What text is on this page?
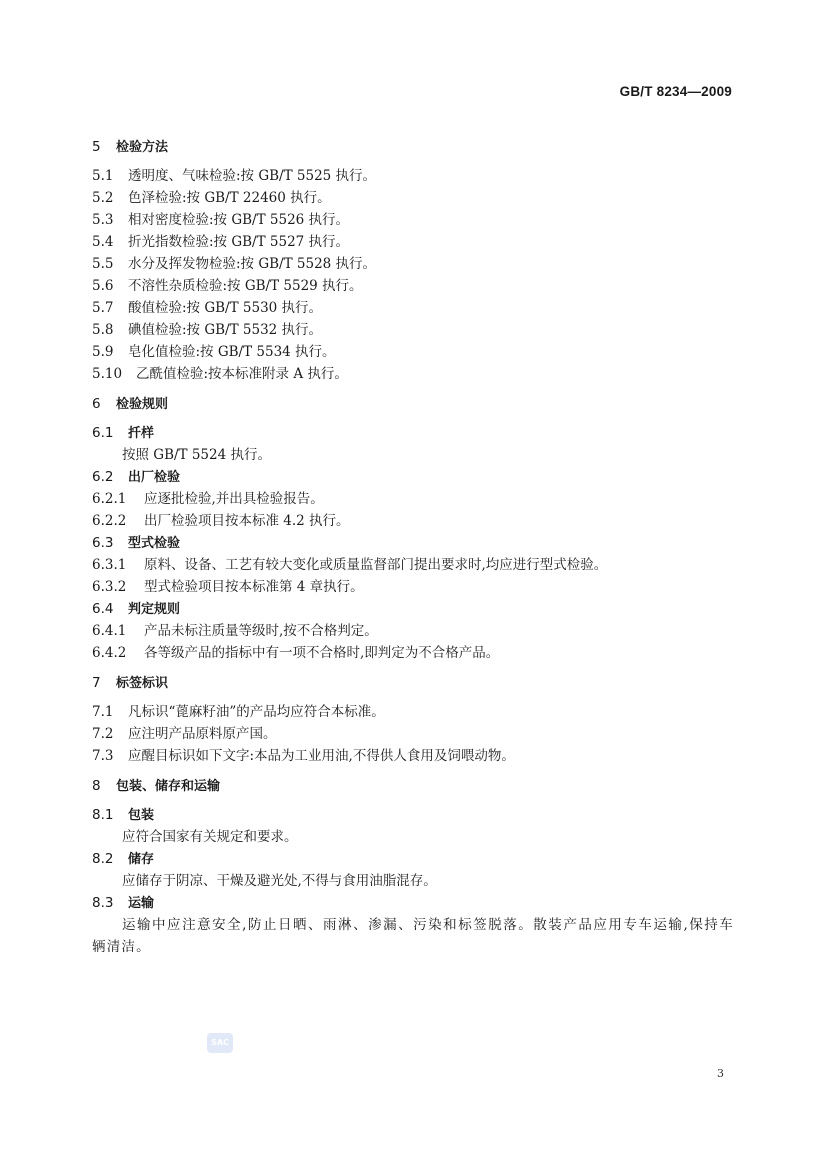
GB/T 8234—2009
5 检验方法
5.1 透明度、气味检验:按 GB/T 5525 执行。
5.2 色泽检验:按 GB/T 22460 执行。
5.3 相对密度检验:按 GB/T 5526 执行。
5.4 折光指数检验:按 GB/T 5527 执行。
5.5 水分及挥发物检验:按 GB/T 5528 执行。
5.6 不溶性杂质检验:按 GB/T 5529 执行。
5.7 酸值检验:按 GB/T 5530 执行。
5.8 碘值检验:按 GB/T 5532 执行。
5.9 皂化值检验:按 GB/T 5534 执行。
5.10 乙酰值检验:按本标准附录 A 执行。
6 检验规则
6.1 扦样
按照 GB/T 5524 执行。
6.2 出厂检验
6.2.1 应逐批检验,并出具检验报告。
6.2.2 出厂检验项目按本标准 4.2 执行。
6.3 型式检验
6.3.1 原料、设备、工艺有较大变化或质量监督部门提出要求时,均应进行型式检验。
6.3.2 型式检验项目按本标准第 4 章执行。
6.4 判定规则
6.4.1 产品未标注质量等级时,按不合格判定。
6.4.2 各等级产品的指标中有一项不合格时,即判定为不合格产品。
7 标签标识
7.1 凡标识“蓖麻籽油”的产品均应符合本标准。
7.2 应注明产品原料原产国。
7.3 应醒目标识如下文字:本品为工业用油,不得供人食用及饲喂动物。
8 包装、储存和运输
8.1 包装
应符合国家有关规定和要求。
8.2 储存
应储存于阴凉、干燥及避光处,不得与食用油脂混存。
8.3 运输
运输中应注意安全,防止日晒、雨淋、渗漏、污染和标签脱落。散装产品应用专车运输,保持车辆清洁。
SAC
3
